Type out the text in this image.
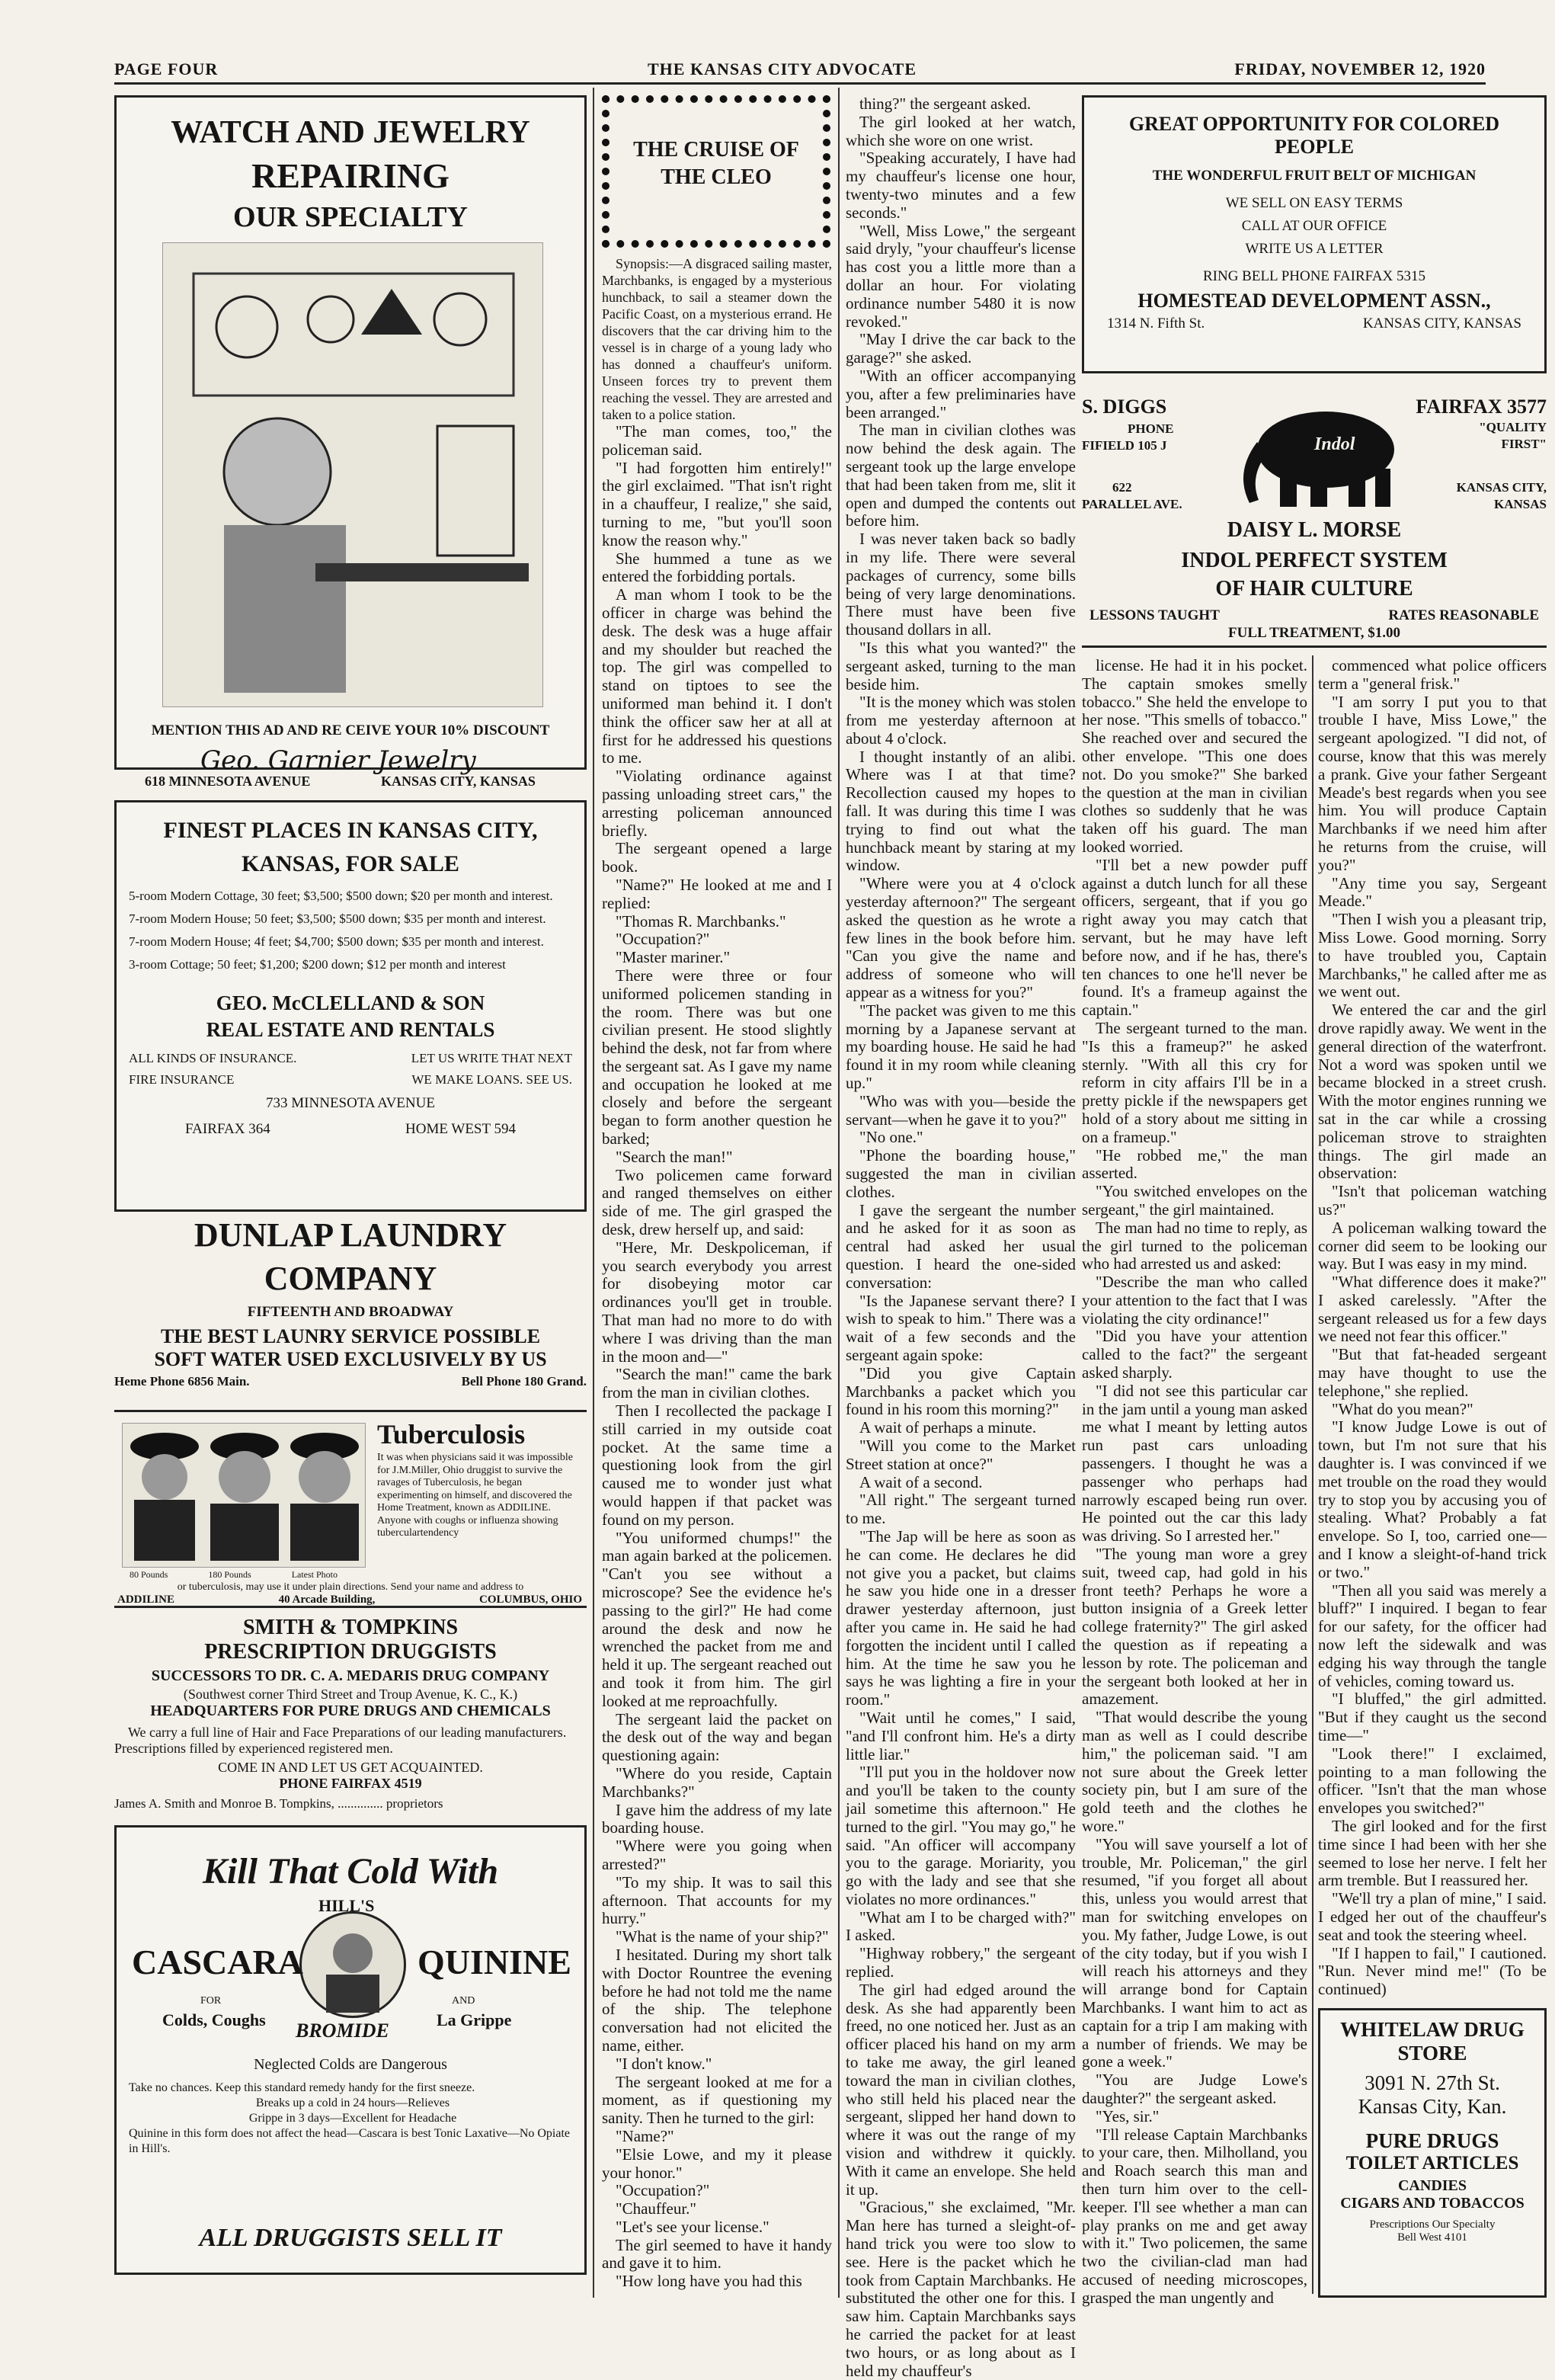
PAGE FOUR	THE KANSAS CITY ADVOCATE	FRIDAY, NOVEMBER 12, 1920
WATCH AND JEWELRY
REPAIRING
OUR SPECIALTY
MENTION THIS AD AND RE CEIVE YOUR 10% DISCOUNT
Geo. Garnier Jewelry
618 MINNESOTA AVENUE	KANSAS CITY, KANSAS
FINEST PLACES IN KANSAS CITY,
KANSAS, FOR SALE
5-room Modern Cottage, 30 feet; $3,500; $500 down; $20 per month and interest.
7-room Modern House; 50 feet; $3,500; $500 down; $35 per month and interest.
7-room Modern House; 4f feet; $4,700; $500 down; $35 per month and interest.
3-room Cottage; 50 feet; $1,200; $200 down; $12 per month and interest
GEO. McCLELLAND & SON
REAL ESTATE AND RENTALS
ALL KINDS OF INSURANCE.	LET US WRITE THAT NEXT
FIRE INSURANCE	WE MAKE LOANS. SEE US.
733 MINNESOTA AVENUE
FAIRFAX 364	HOME WEST 594
DUNLAP LAUNDRY
COMPANY
FIFTEENTH AND BROADWAY
THE BEST LAUNRY SERVICE POSSIBLE
SOFT WATER USED EXCLUSIVELY BY US
Heme Phone 6856 Main.	Bell Phone 180 Grand.
80 Pounds	180 Pounds	Latest Photo
Tuberculosis
It was when physicians said it was impossible for J.M.Miller, Ohio druggist to survive the ravages of Tuberculosis, he began experimenting on himself, and discovered the Home Treatment, known as ADDILINE. Anyone with coughs or influenza showing tuberculartendency
or tuberculosis, may use it under plain directions. Send your name and address to
ADDILINE	40 Arcade Building,	COLUMBUS, OHIO
SMITH & TOMPKINS
PRESCRIPTION DRUGGISTS
SUCCESSORS TO DR. C. A. MEDARIS DRUG COMPANY
(Southwest corner Third Street and Troup Avenue, K. C., K.)
HEADQUARTERS FOR PURE DRUGS AND CHEMICALS
We carry a full line of Hair and Face Preparations of our leading manufacturers. Prescriptions filled by experienced registered men.
COME IN AND LET US GET ACQUAINTED.
PHONE FAIRFAX 4519
James A. Smith and Monroe B. Tompkins, .............. proprietors
Kill That Cold With
HILL'S
CASCARA	QUININE
BROMIDE
FOR
Colds, Coughs
AND
La Grippe
Neglected Colds are Dangerous
Take no chances. Keep this standard remedy handy for the first sneeze.
Breaks up a cold in 24 hours—Relieves
Grippe in 3 days—Excellent for Headache
Quinine in this form does not affect the head—Cascara is best Tonic Laxative—No Opiate in Hill's.
ALL DRUGGISTS SELL IT
THE CRUISE OF
THE CLEO

Synopsis:—A disgraced sailing master, Marchbanks, is engaged by a mysterious hunchback, to sail a steamer down the Pacific Coast, on a mysterious errand. He discovers that the car driving him to the vessel is in charge of a young lady who has donned a chauffeur's uniform. Unseen forces try to prevent them reaching the vessel. They are arrested and taken to a police station.

"The man comes, too," the policeman said.

"I had forgotten him entirely!" the girl exclaimed. "That isn't right in a chauffeur, I realize," she said, turning to me, "but you'll soon know the reason why."

She hummed a tune as we entered the forbidding portals.

A man whom I took to be the officer in charge was behind the desk. The desk was a huge affair and my shoulder but reached the top. The girl was compelled to stand on tiptoes to see the uniformed man behind it. I don't think the officer saw her at all at first for he addressed his questions to me.

"Violating ordinance against passing unloading street cars," the arresting policeman announced briefly.

The sergeant opened a large book.

"Name?" He looked at me and I replied:

"Thomas R. Marchbanks."

"Occupation?"

"Master mariner."

There were three or four uniformed policemen standing in the room. There was but one civilian present. He stood slightly behind the desk, not far from where the sergeant sat. As I gave my name and occupation he looked at me closely and before the sergeant began to form another question he barked;

"Search the man!"

Two policemen came forward and ranged themselves on either side of me. The girl grasped the desk, drew herself up, and said:

"Here, Mr. Deskpoliceman, if you search everybody you arrest for disobeying motor car ordinances you'll get in trouble. That man had no more to do with where I was driving than the man in the moon and—"

"Search the man!" came the bark from the man in civilian clothes.

Then I recollected the package I still carried in my outside coat pocket. At the same time a questioning look from the girl caused me to wonder just what would happen if that packet was found on my person.

"You uniformed chumps!" the man again barked at the policemen. "Can't you see without a microscope? See the evidence he's passing to the girl?" He had come around the desk and now he wrenched the packet from me and held it up. The sergeant reached out and took it from him. The girl looked at me reproachfully.

The sergeant laid the packet on the desk out of the way and began questioning again:

"Where do you reside, Captain Marchbanks?"

I gave him the address of my late boarding house.

"Where were you going when arrested?"

"To my ship. It was to sail this afternoon. That accounts for my hurry."

"What is the name of your ship?"

I hesitated. During my short talk with Doctor Rountree the evening before he had not told me the name of the ship. The telephone conversation had not elicited the name, either.

"I don't know."

The sergeant looked at me for a moment, as if questioning my sanity. Then he turned to the girl:

"Name?"

"Elsie Lowe, and my it please your honor."

"Occupation?"

"Chauffeur."

"Let's see your license."

The girl seemed to have it handy and gave it to him.

"How long have you had this

thing?" the sergeant asked.

The girl looked at her watch, which she wore on one wrist.

"Speaking accurately, I have had my chauffeur's license one hour, twenty-two minutes and a few seconds."

"Well, Miss Lowe," the sergeant said dryly, "your chauffeur's license has cost you a little more than a dollar an hour. For violating ordinance number 5480 it is now revoked."

"May I drive the car back to the garage?" she asked.

"With an officer accompanying you, after a few preliminaries have been arranged."

The man in civilian clothes was now behind the desk again. The sergeant took up the large envelope that had been taken from me, slit it open and dumped the contents out before him.

I was never taken back so badly in my life. There were several packages of currency, some bills being of very large denominations. There must have been five thousand dollars in all.

"Is this what you wanted?" the sergeant asked, turning to the man beside him.

"It is the money which was stolen from me yesterday afternoon at about 4 o'clock.

I thought instantly of an alibi. Where was I at that time? Recollection caused my hopes to fall. It was during this time I was trying to find out what the hunchback meant by staring at my window.

"Where were you at 4 o'clock yesterday afternoon?" The sergeant asked the question as he wrote a few lines in the book before him. "Can you give the name and address of someone who will appear as a witness for you?"

"The packet was given to me this morning by a Japanese servant at my boarding house. He said he had found it in my room while cleaning up."

"Who was with you—beside the servant—when he gave it to you?"

"No one."

"Phone the boarding house," suggested the man in civilian clothes.

I gave the sergeant the number and he asked for it as soon as central had asked her usual question. I heard the one-sided conversation:

"Is the Japanese servant there? I wish to speak to him." There was a wait of a few seconds and the sergeant again spoke:

"Did you give Captain Marchbanks a packet which you found in his room this morning?"

A wait of perhaps a minute.

"Will you come to the Market Street station at once?"

A wait of a second.

"All right." The sergeant turned to me.

"The Jap will be here as soon as he can come. He declares he did not give you a packet, but claims he saw you hide one in a dresser drawer yesterday afternoon, just after you came in. He said he had forgotten the incident until I called him. At the time he saw you he says he was lighting a fire in your room."

"Wait until he comes," I said, "and I'll confront him. He's a dirty little liar."

"I'll put you in the holdover now and you'll be taken to the county jail sometime this afternoon." He turned to the girl. "You may go," he said. "An officer will accompany you to the garage. Moriarity, you go with the lady and see that she violates no more ordinances."

"What am I to be charged with?" I asked.

"Highway robbery," the sergeant replied.

The girl had edged around the desk. As she had apparently been freed, no one noticed her. Just as an officer placed his hand on my arm to take me away, the girl leaned toward the man in civilian clothes, who still held his placed near the sergeant, slipped her hand down to where it was out the range of my vision and withdrew it quickly. With it came an envelope. She held it up.

"Gracious," she exclaimed, "Mr. Man here has turned a sleight-of-hand trick you were too slow to see. Here is the packet which he took from Captain Marchbanks. He substituted the other one for this. I saw him. Captain Marchbanks says he carried the packet for at least two hours, or as long about as I held my chauffeur's

GREAT OPPORTUNITY FOR COLORED
PEOPLE
THE WONDERFUL FRUIT BELT OF MICHIGAN
WE SELL ON EASY TERMS
CALL AT OUR OFFICE
WRITE US A LETTER
RING BELL PHONE FAIRFAX 5315
HOMESTEAD DEVELOPMENT ASSN.,
1314 N. Fifth St.	KANSAS CITY, KANSAS
S. DIGGS
PHONE
FIFIELD 105 J
622
PARALLEL AVE.
Indol
FAIRFAX 3577
"QUALITY
FIRST"
KANSAS CITY,
KANSAS
DAISY L. MORSE
INDOL PERFECT SYSTEM
OF HAIR CULTURE
LESSONS TAUGHT	RATES REASONABLE
FULL TREATMENT, $1.00

license. He had it in his pocket. The captain smokes smelly tobacco." She held the envelope to her nose. "This smells of tobacco." She reached over and secured the other envelope. "This one does not. Do you smoke?" She barked the question at the man in civilian clothes so suddenly that he was taken off his guard. The man looked worried.

"I'll bet a new powder puff against a dutch lunch for all these officers, sergeant, that if you go right away you may catch that servant, but he may have left before now, and if he has, there's ten chances to one he'll never be found. It's a frameup against the captain."

The sergeant turned to the man. "Is this a frameup?" he asked sternly. "With all this cry for reform in city affairs I'll be in a pretty pickle if the newspapers get hold of a story about me sitting in on a frameup."

"He robbed me," the man asserted.

"You switched envelopes on the sergeant," the girl maintained.

The man had no time to reply, as the girl turned to the policeman who had arrested us and asked:

"Describe the man who called your attention to the fact that I was violating the city ordinance!"

"Did you have your attention called to the fact?" the sergeant asked sharply.

"I did not see this particular car in the jam until a young man asked me what I meant by letting autos run past cars unloading passengers. I thought he was a passenger who perhaps had narrowly escaped being run over. He pointed out the car this lady was driving. So I arrested her."

"The young man wore a grey suit, tweed cap, had gold in his front teeth? Perhaps he wore a button insignia of a Greek letter college fraternity?" The girl asked the question as if repeating a lesson by rote. The policeman and the sergeant both looked at her in amazement.

"That would describe the young man as well as I could describe him," the policeman said. "I am not sure about the Greek letter society pin, but I am sure of the gold teeth and the clothes he wore."

"You will save yourself a lot of trouble, Mr. Policeman," the girl resumed, "if you forget all about this, unless you would arrest that man for switching envelopes on you. My father, Judge Lowe, is out of the city today, but if you wish I will reach his attorneys and they will arrange bond for Captain Marchbanks. I want him to act as captain for a trip I am making with a number of friends. We may be gone a week."

"You are Judge Lowe's daughter?" the sergeant asked.

"Yes, sir."

"I'll release Captain Marchbanks to your care, then. Milholland, you and Roach search this man and then turn him over to the cell-keeper. I'll see whether a man can play pranks on me and get away with it." Two policemen, the same two the civilian-clad man had accused of needing microscopes, grasped the man ungently and

commenced what police officers term a "general frisk."

"I am sorry I put you to that trouble I have, Miss Lowe," the sergeant apologized. "I did not, of course, know that this was merely a prank. Give your father Sergeant Meade's best regards when you see him. You will produce Captain Marchbanks if we need him after he returns from the cruise, will you?"

"Any time you say, Sergeant Meade."

"Then I wish you a pleasant trip, Miss Lowe. Good morning. Sorry to have troubled you, Captain Marchbanks," he called after me as we went out.

We entered the car and the girl drove rapidly away. We went in the general direction of the waterfront. Not a word was spoken until we became blocked in a street crush. With the motor engines running we sat in the car while a crossing policeman strove to straighten things. The girl made an observation:

"Isn't that policeman watching us?"

A policeman walking toward the corner did seem to be looking our way. But I was easy in my mind.

"What difference does it make?" I asked carelessly. "After the sergeant released us for a few days we need not fear this officer."

"But that fat-headed sergeant may have thought to use the telephone," she replied.

"What do you mean?"

"I know Judge Lowe is out of town, but I'm not sure that his daughter is. I was convinced if we met trouble on the road they would try to stop you by accusing you of stealing. What? Probably a fat envelope. So I, too, carried one—and I know a sleight-of-hand trick or two."

"Then all you said was merely a bluff?" I inquired. I began to fear for our safety, for the officer had now left the sidewalk and was edging his way through the tangle of vehicles, coming toward us.

"I bluffed," the girl admitted. "But if they caught us the second time—"

"Look there!" I exclaimed, pointing to a man following the officer. "Isn't that the man whose envelopes you switched?"

The girl looked and for the first time since I had been with her she seemed to lose her nerve. I felt her arm tremble. But I reassured her.

"We'll try a plan of mine," I said. I edged her out of the chauffeur's seat and took the steering wheel.

"If I happen to fail," I cautioned. "Run. Never mind me!" (To be continued)

WHITELAW DRUG
STORE
3091 N. 27th St.
Kansas City, Kan.
PURE DRUGS
TOILET ARTICLES
CANDIES
CIGARS AND TOBACCOS
Prescriptions Our Specialty
Bell West 4101
